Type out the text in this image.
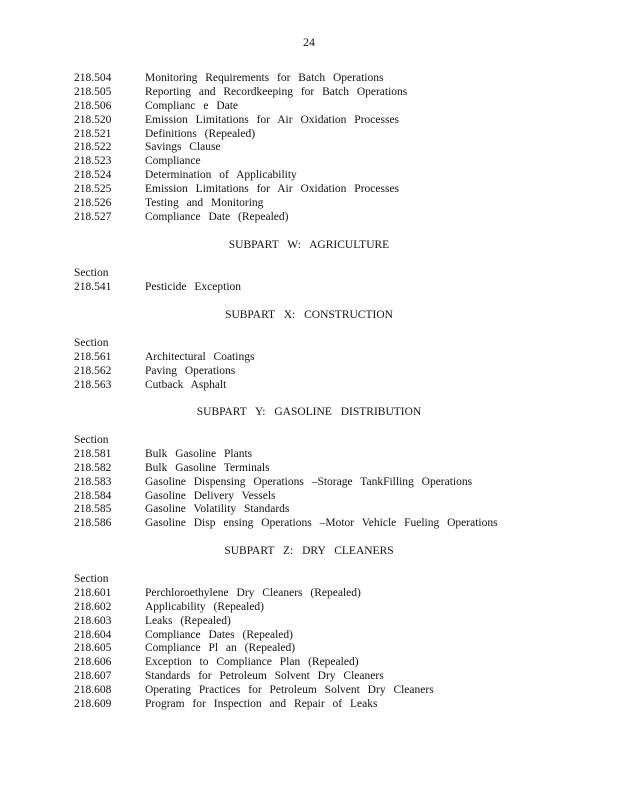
24
218.504	Monitoring Requirements for Batch Operations
218.505	Reporting and Recordkeeping for Batch Operations
218.506	Complianc e Date
218.520	Emission Limitations for Air Oxidation Processes
218.521	Definitions (Repealed)
218.522	Savings Clause
218.523	Compliance
218.524	Determination of Applicability
218.525	Emission Limitations for Air Oxidation Processes
218.526	Testing and Monitoring
218.527	Compliance Date (Repealed)
SUBPART W: AGRICULTURE
Section
218.541	Pesticide Exception
SUBPART X: CONSTRUCTION
Section
218.561	Architectural Coatings
218.562	Paving Operations
218.563	Cutback Asphalt
SUBPART Y: GASOLINE DISTRIBUTION
Section
218.581	Bulk Gasoline Plants
218.582	Bulk Gasoline Terminals
218.583	Gasoline Dispensing Operations –Storage TankFilling Operations
218.584	Gasoline Delivery Vessels
218.585	Gasoline Volatility Standards
218.586	Gasoline Disp ensing Operations –Motor Vehicle Fueling Operations
SUBPART Z: DRY CLEANERS
Section
218.601	Perchloroethylene Dry Cleaners (Repealed)
218.602	Applicability (Repealed)
218.603	Leaks (Repealed)
218.604	Compliance Dates (Repealed)
218.605	Compliance Pl an (Repealed)
218.606	Exception to Compliance Plan (Repealed)
218.607	Standards for Petroleum Solvent Dry Cleaners
218.608	Operating Practices for Petroleum Solvent Dry Cleaners
218.609	Program for Inspection and Repair of Leaks
